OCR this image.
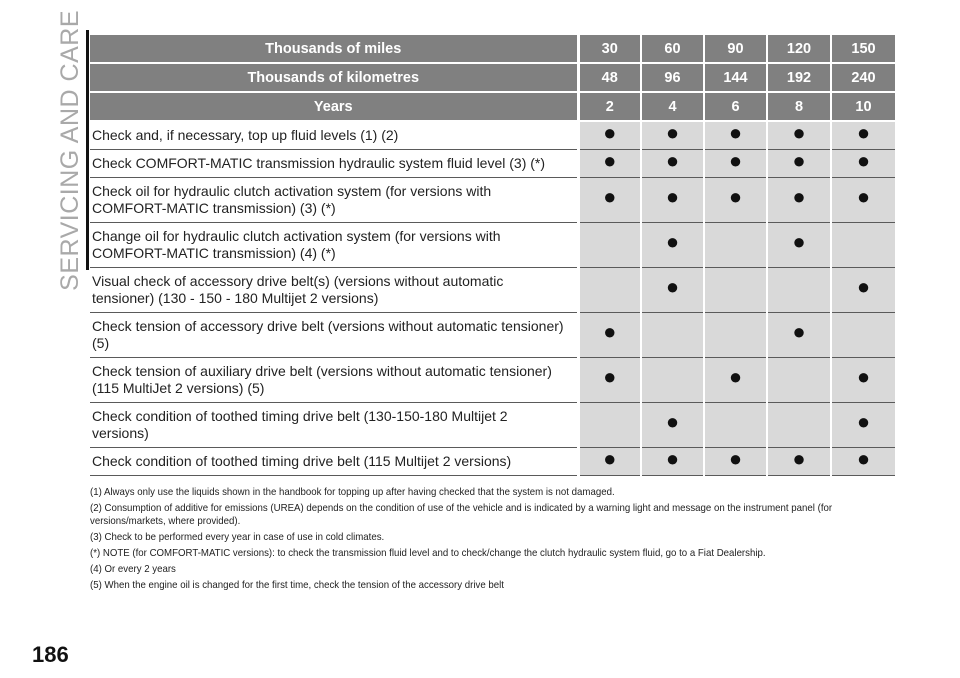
SERVICING AND CARE	Thousands of miles	30	60	90	120	150
Thousands of kilometres	48	96	144	192	240
Years	2	4	6	8	10
Check and, if necessary, top up fluid levels (1) (2)	●	●	●	●	●
Check COMFORT-MATIC transmission hydraulic system fluid level (3) (*)	●	●	●	●	●
Check oil for hydraulic clutch activation system (for versions with COMFORT-MATIC transmission) (3) (*)	●	●	●	●	●
Change oil for hydraulic clutch activation system (for versions with COMFORT-MATIC transmission) (4) (*)		●		●	
Visual check of accessory drive belt(s) (versions without automatic tensioner) (130 - 150 - 180 Multijet 2 versions)		●			●
Check tension of accessory drive belt (versions without automatic tensioner) (5)	●			●	
Check tension of auxiliary drive belt (versions without automatic tensioner) (115 MultiJet 2 versions) (5)	●		●		●
Check condition of toothed timing drive belt (130-150-180 Multijet 2 versions)		●			●
Check condition of toothed timing drive belt (115 Multijet 2 versions)	●	●	●	●	●
(1) Always only use the liquids shown in the handbook for topping up after having checked that the system is not damaged.
(2) Consumption of additive for emissions (UREA) depends on the condition of use of the vehicle and is indicated by a warning light and message on the instrument panel (for versions/markets, where provided).
(3) Check to be performed every year in case of use in cold climates.
(*) NOTE (for COMFORT-MATIC versions): to check the transmission fluid level and to check/change the clutch hydraulic system fluid, go to a Fiat Dealership.
(4) Or every 2 years
(5) When the engine oil is changed for the first time, check the tension of the accessory drive belt
186
